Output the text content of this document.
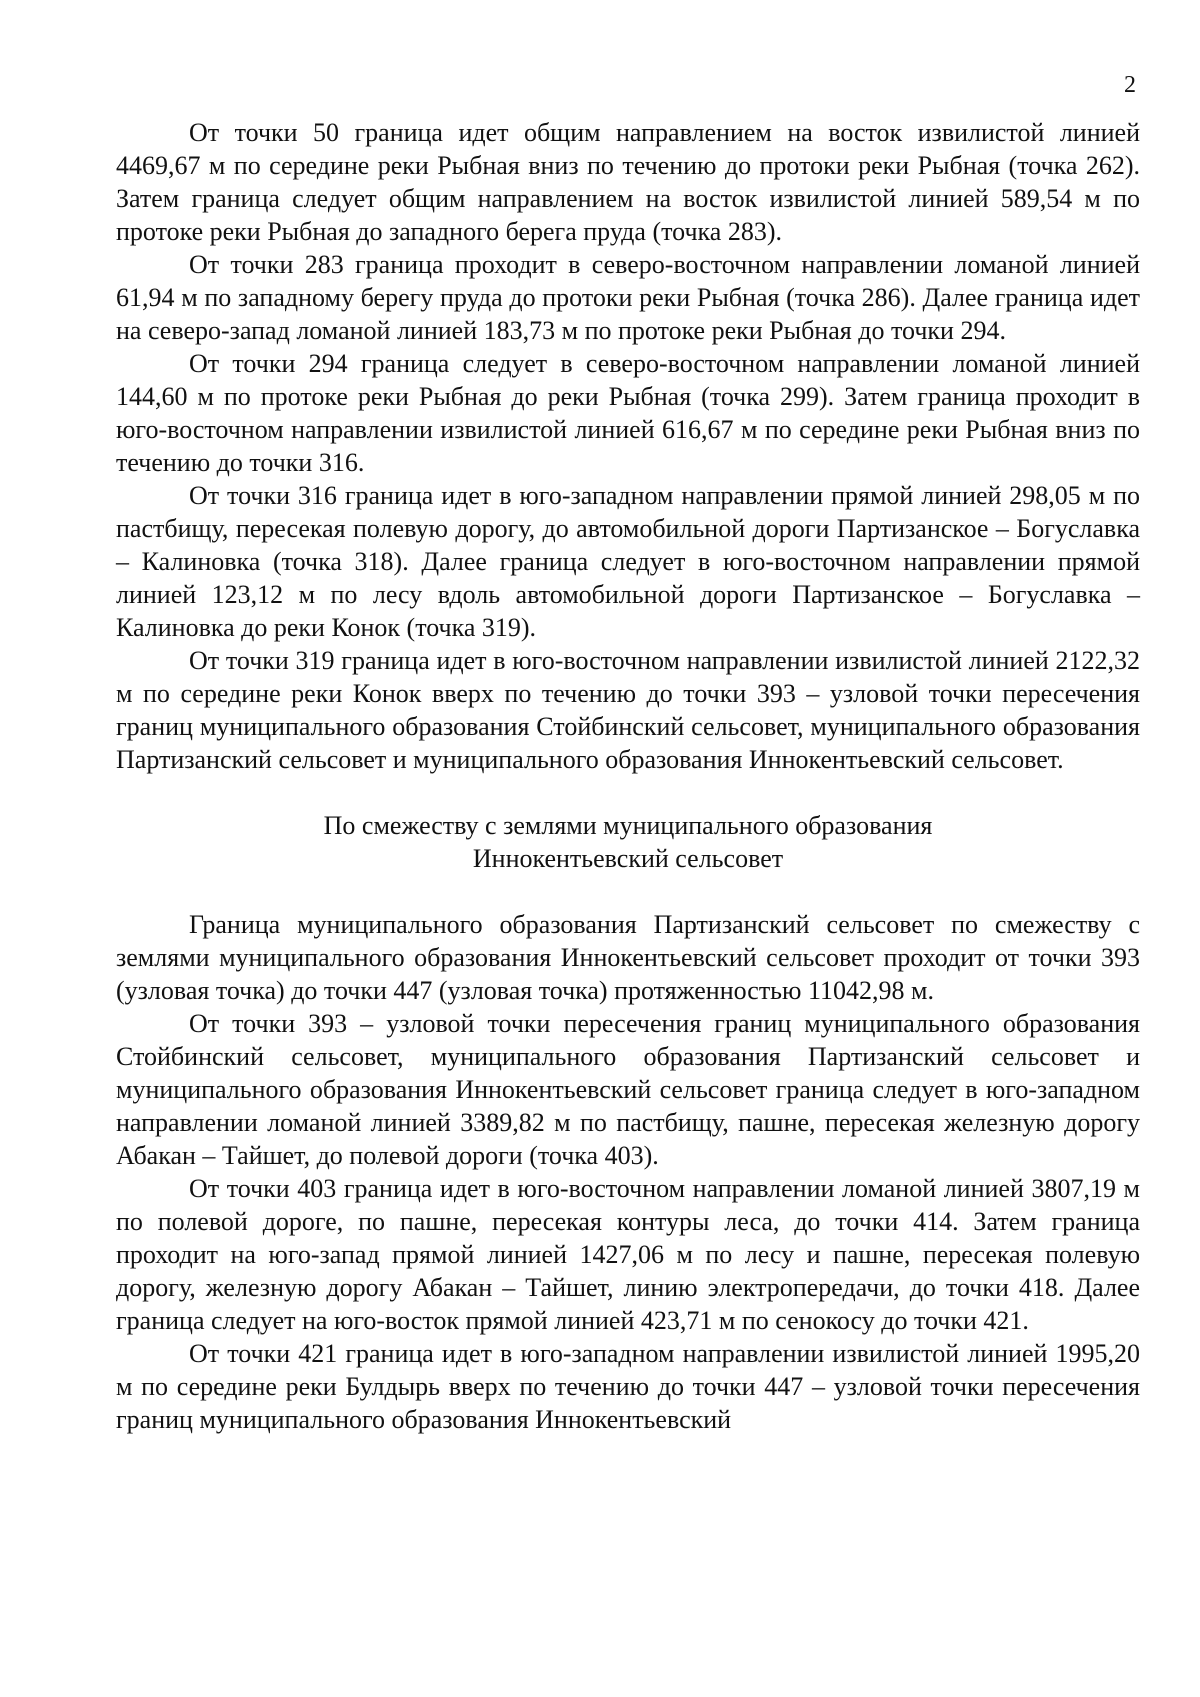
2

От точки 50 граница идет общим направлением на восток извилистой линией 4469,67 м по середине реки Рыбная вниз по течению до протоки реки Рыбная (точка 262). Затем граница следует общим направлением на восток извилистой линией 589,54 м по протоке реки Рыбная до западного берега пруда (точка 283).

От точки 283 граница проходит в северо-восточном направлении ломаной линией 61,94 м по западному берегу пруда до протоки реки Рыбная (точка 286). Далее граница идет на северо-запад ломаной линией 183,73 м по протоке реки Рыбная до точки 294.

От точки 294 граница следует в северо-восточном направлении ломаной линией 144,60 м по протоке реки Рыбная до реки Рыбная (точка 299). Затем граница проходит в юго-восточном направлении извилистой линией 616,67 м по середине реки Рыбная вниз по течению до точки 316.

От точки 316 граница идет в юго-западном направлении прямой линией 298,05 м по пастбищу, пересекая полевую дорогу, до автомобильной дороги Партизанское – Богуславка – Калиновка (точка 318). Далее граница следует в юго-восточном направлении прямой линией 123,12 м по лесу вдоль автомобильной дороги Партизанское – Богуславка – Калиновка до реки Конок (точка 319).

От точки 319 граница идет в юго-восточном направлении извилистой линией 2122,32 м по середине реки Конок вверх по течению до точки 393 – узловой точки пересечения границ муниципального образования Стойбинский сельсовет, муниципального образования Партизанский сельсовет и муниципального образования Иннокентьевский сельсовет.

По смежеству с землями муниципального образования
Иннокентьевский сельсовет

Граница муниципального образования Партизанский сельсовет по смежеству с землями муниципального образования Иннокентьевский сельсовет проходит от точки 393 (узловая точка) до точки 447 (узловая точка) протяженностью 11042,98 м.

От точки 393 – узловой точки пересечения границ муниципального образования Стойбинский сельсовет, муниципального образования Партизанский сельсовет и муниципального образования Иннокентьевский сельсовет граница следует в юго-западном направлении ломаной линией 3389,82 м по пастбищу, пашне, пересекая железную дорогу Абакан – Тайшет, до полевой дороги (точка 403).

От точки 403 граница идет в юго-восточном направлении ломаной линией 3807,19 м по полевой дороге, по пашне, пересекая контуры леса, до точки 414. Затем граница проходит на юго-запад прямой линией 1427,06 м по лесу и пашне, пересекая полевую дорогу, железную дорогу Абакан – Тайшет, линию электропередачи, до точки 418. Далее граница следует на юго-восток прямой линией 423,71 м по сенокосу до точки 421.

От точки 421 граница идет в юго-западном направлении извилистой линией 1995,20 м по середине реки Булдырь вверх по течению до точки 447 – узловой точки пересечения границ муниципального образования Иннокентьевский
